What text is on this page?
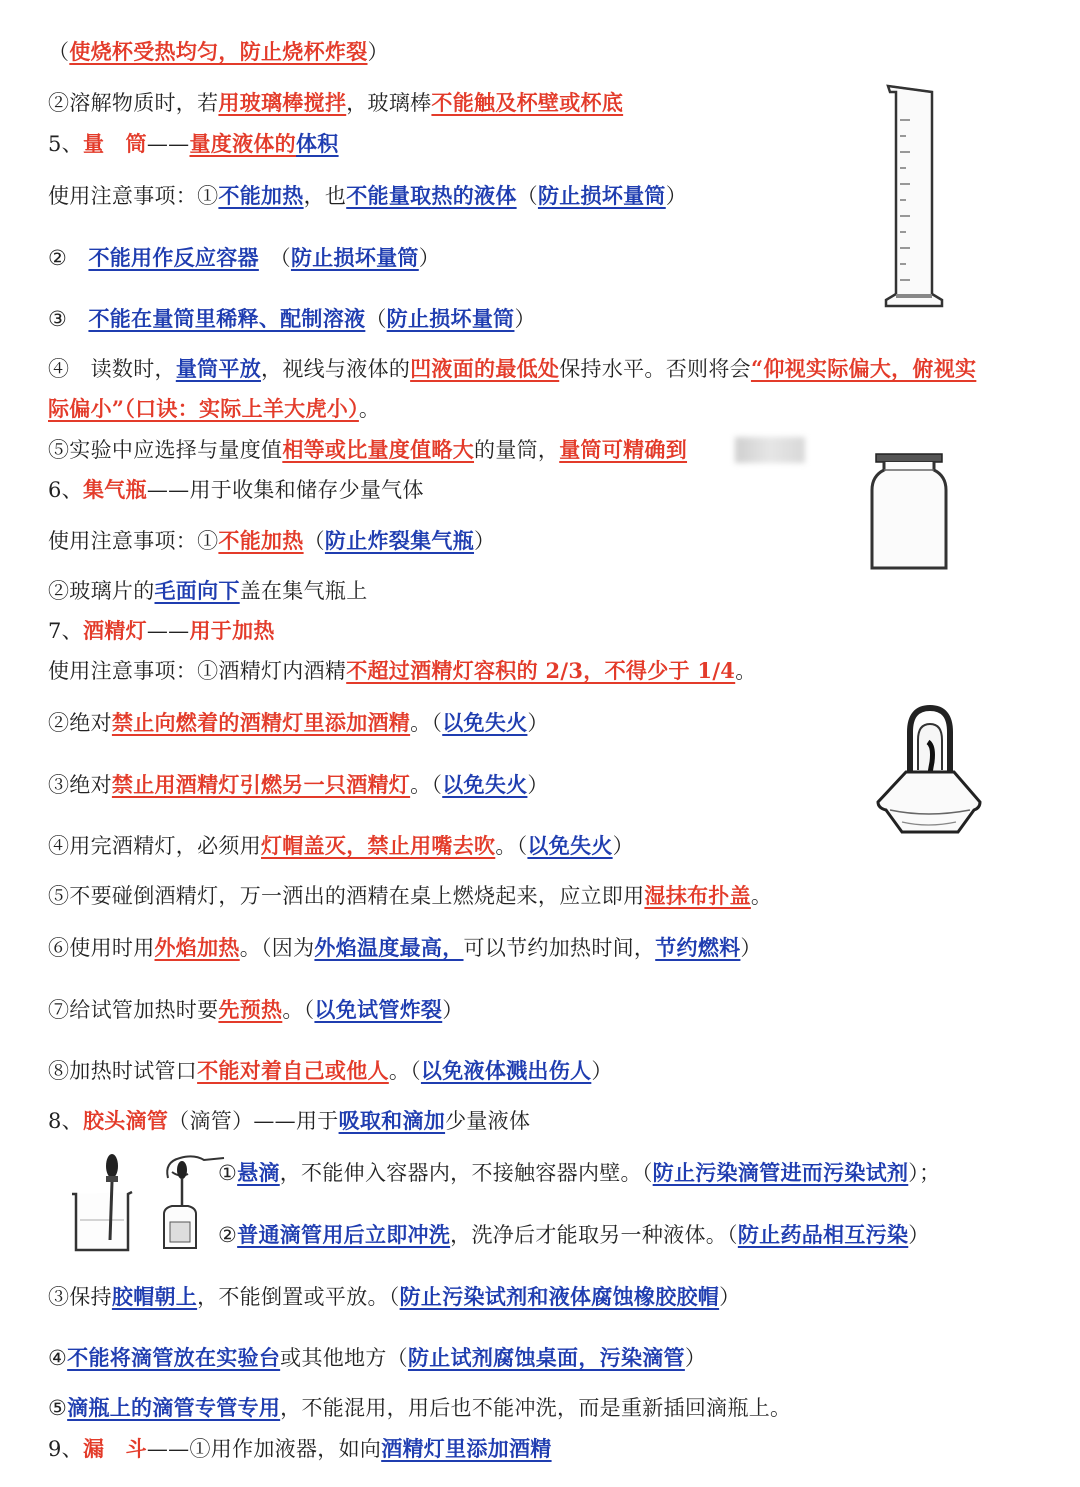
（使烧杯受热均匀，防止烧杯炸裂）
②溶解物质时，若用玻璃棒搅拌，玻璃棒不能触及杯壁或杯底
5、量　筒——量度液体的体积
使用注意事项：①不能加热，也不能量取热的液体（防止损坏量筒）
②　不能用作反应容器　（防止损坏量筒）
③　不能在量筒里稀释、配制溶液（防止损坏量筒）
④　读数时，量筒平放，视线与液体的凹液面的最低处保持水平。否则将会“仰视实际偏大，俯视实
际偏小”（口诀：实际上羊大虎小）。
⑤实验中应选择与量度值相等或比量度值略大的量筒，量筒可精确到
6、集气瓶——用于收集和储存少量气体
使用注意事项：①不能加热（防止炸裂集气瓶）
②玻璃片的毛面向下盖在集气瓶上
7、酒精灯——用于加热
使用注意事项：①酒精灯内酒精不超过酒精灯容积的 2/3，不得少于 1/4。
②绝对禁止向燃着的酒精灯里添加酒精。（以免失火）
③绝对禁止用酒精灯引燃另一只酒精灯。（以免失火）
④用完酒精灯，必须用灯帽盖灭，禁止用嘴去吹。（以免失火）
⑤不要碰倒酒精灯，万一洒出的酒精在桌上燃烧起来，应立即用湿抹布扑盖。
⑥使用时用外焰加热。（因为外焰温度最高，可以节约加热时间，节约燃料）
⑦给试管加热时要先预热。（以免试管炸裂）
⑧加热时试管口不能对着自己或他人。（以免液体溅出伤人）
8、胶头滴管（滴管）——用于吸取和滴加少量液体
①悬滴，不能伸入容器内，不接触容器内壁。（防止污染滴管进而污染试剂）；
②普通滴管用后立即冲洗，洗净后才能取另一种液体。（防止药品相互污染）
③保持胶帽朝上，不能倒置或平放。（防止污染试剂和液体腐蚀橡胶胶帽）
④不能将滴管放在实验台或其他地方（防止试剂腐蚀桌面，污染滴管）
⑤滴瓶上的滴管专管专用，不能混用，用后也不能冲洗，而是重新插回滴瓶上。
9、漏　斗——①用作加液器，如向酒精灯里添加酒精
